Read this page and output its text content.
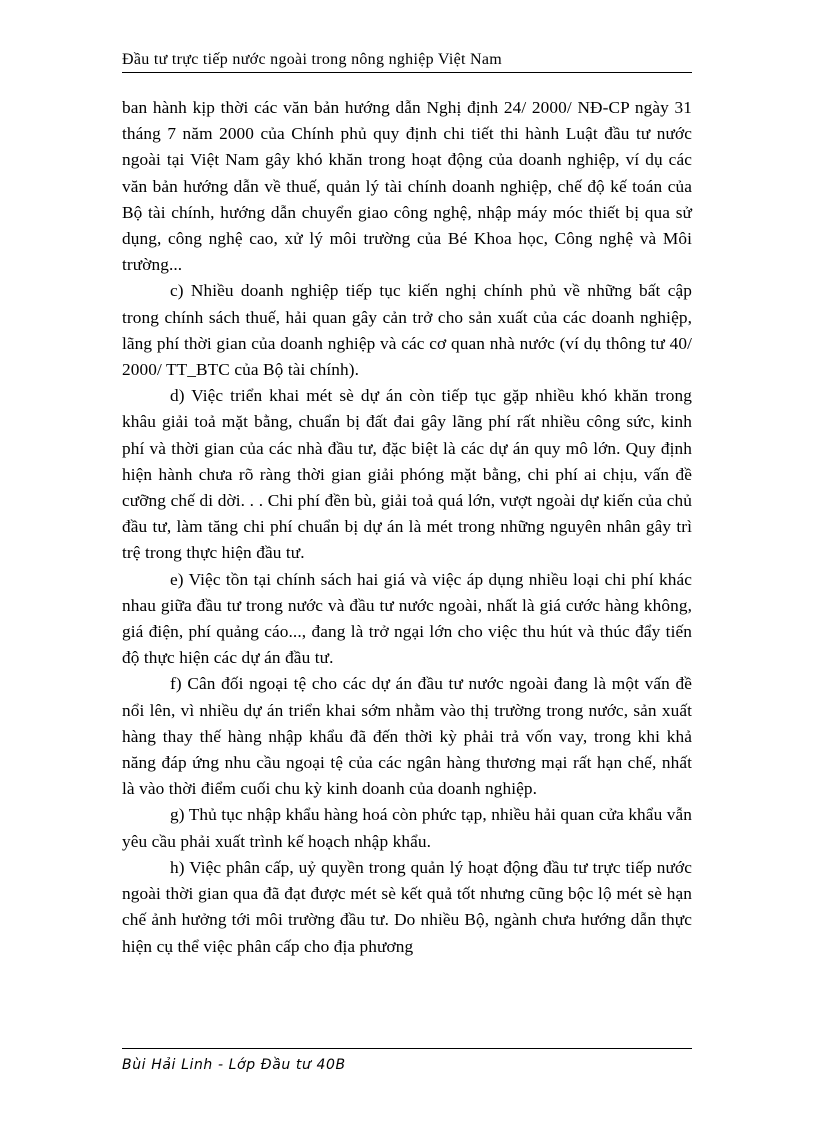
Đầu tư trực tiếp nước ngoài trong nông nghiệp Việt Nam

ban hành kịp thời các văn bản hướng dẫn Nghị định 24/ 2000/ NĐ-CP ngày 31 tháng 7 năm 2000 của Chính phủ quy định chi tiết thi hành Luật đầu tư nước ngoài tại Việt Nam gây khó khăn trong hoạt động của doanh nghiệp, ví dụ các văn bản hướng dẫn về thuế, quản lý tài chính doanh nghiệp, chế độ kế toán của Bộ tài chính, hướng dẫn chuyển giao công nghệ, nhập máy móc thiết bị qua sử dụng, công nghệ cao, xử lý môi trường của Bé Khoa học, Công nghệ và Môi trường...

c) Nhiều doanh nghiệp tiếp tục kiến nghị chính phủ về những bất cập trong chính sách thuế, hải quan gây cản trở cho sản xuất của các doanh nghiệp, lãng phí thời gian của doanh nghiệp và các cơ quan nhà nước (ví dụ thông tư 40/ 2000/ TT_BTC của Bộ tài chính).

d) Việc triển khai mét sè dự án còn tiếp tục gặp nhiều khó khăn trong khâu giải toả mặt bằng, chuẩn bị đất đai gây lãng phí rất nhiều công sức, kinh phí và thời gian của các nhà đầu tư, đặc biệt là các dự án quy mô lớn. Quy định hiện hành chưa rõ ràng thời gian giải phóng mặt bằng, chi phí ai chịu, vấn đề cưỡng chế di dời. . . Chi phí đền bù, giải toả quá lớn, vượt ngoài dự kiến của chủ đầu tư, làm tăng chi phí chuẩn bị dự án là mét trong những nguyên nhân gây trì trệ trong thực hiện đầu tư.

e) Việc tồn tại chính sách hai giá và việc áp dụng nhiều loại chi phí khác nhau giữa đầu tư trong nước và đầu tư nước ngoài, nhất là giá cước hàng không, giá điện, phí quảng cáo..., đang là trở ngại lớn cho việc thu hút và thúc đẩy tiến độ thực hiện các dự án đầu tư.

f) Cân đối ngoại tệ cho các dự án đầu tư nước ngoài đang là một vấn đề nổi lên, vì nhiều dự án triển khai sớm nhằm vào thị trường trong nước, sản xuất hàng thay thế hàng nhập khẩu đã đến thời kỳ phải trả vốn vay, trong khi khả năng đáp ứng nhu cầu ngoại tệ của các ngân hàng thương mại rất hạn chế, nhất là vào thời điểm cuối chu kỳ kinh doanh của doanh nghiệp.

g) Thủ tục nhập khẩu hàng hoá còn phức tạp, nhiều hải quan cửa khẩu vẫn yêu cầu phải xuất trình kế hoạch nhập khẩu.

h) Việc phân cấp, uỷ quyền trong quản lý hoạt động đầu tư trực tiếp nước ngoài thời gian qua đã đạt được mét sè kết quả tốt nhưng cũng bộc lộ mét sè hạn chế ảnh hưởng tới môi trường đầu tư. Do nhiều Bộ, ngành chưa hướng dẫn thực hiện cụ thể việc phân cấp cho địa phương

Bùi Hải Linh - Lớp Đầu tư 40B
